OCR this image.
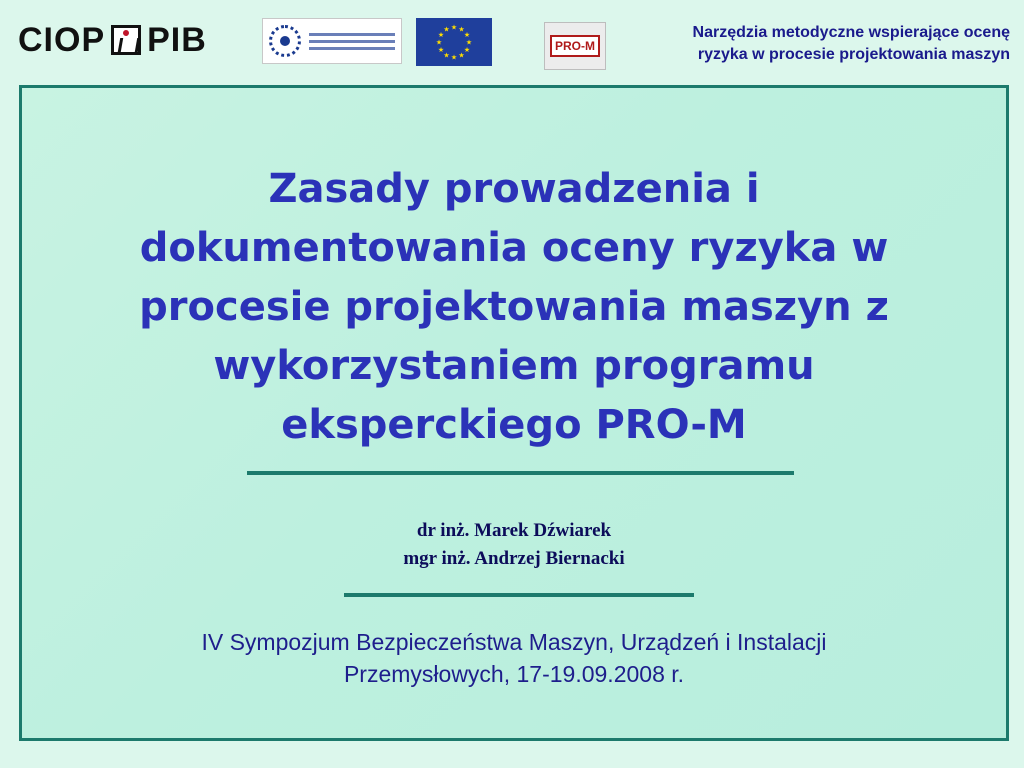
CIOP PIB	★ ★
★
★
★
★
★
★
★
★
★
★
PRO-M
Narzędzia metodyczne wspierające ocenę
ryzyka w procesie projektowania maszyn
Zasady prowadzenia i
dokumentowania oceny ryzyka w
procesie projektowania maszyn z
wykorzystaniem programu
eksperckiego PRO-M
dr inż. Marek Dźwiarek
mgr inż. Andrzej Biernacki
IV Sympozjum Bezpieczeństwa Maszyn, Urządzeń i Instalacji
Przemysłowych, 17-19.09.2008 r.
